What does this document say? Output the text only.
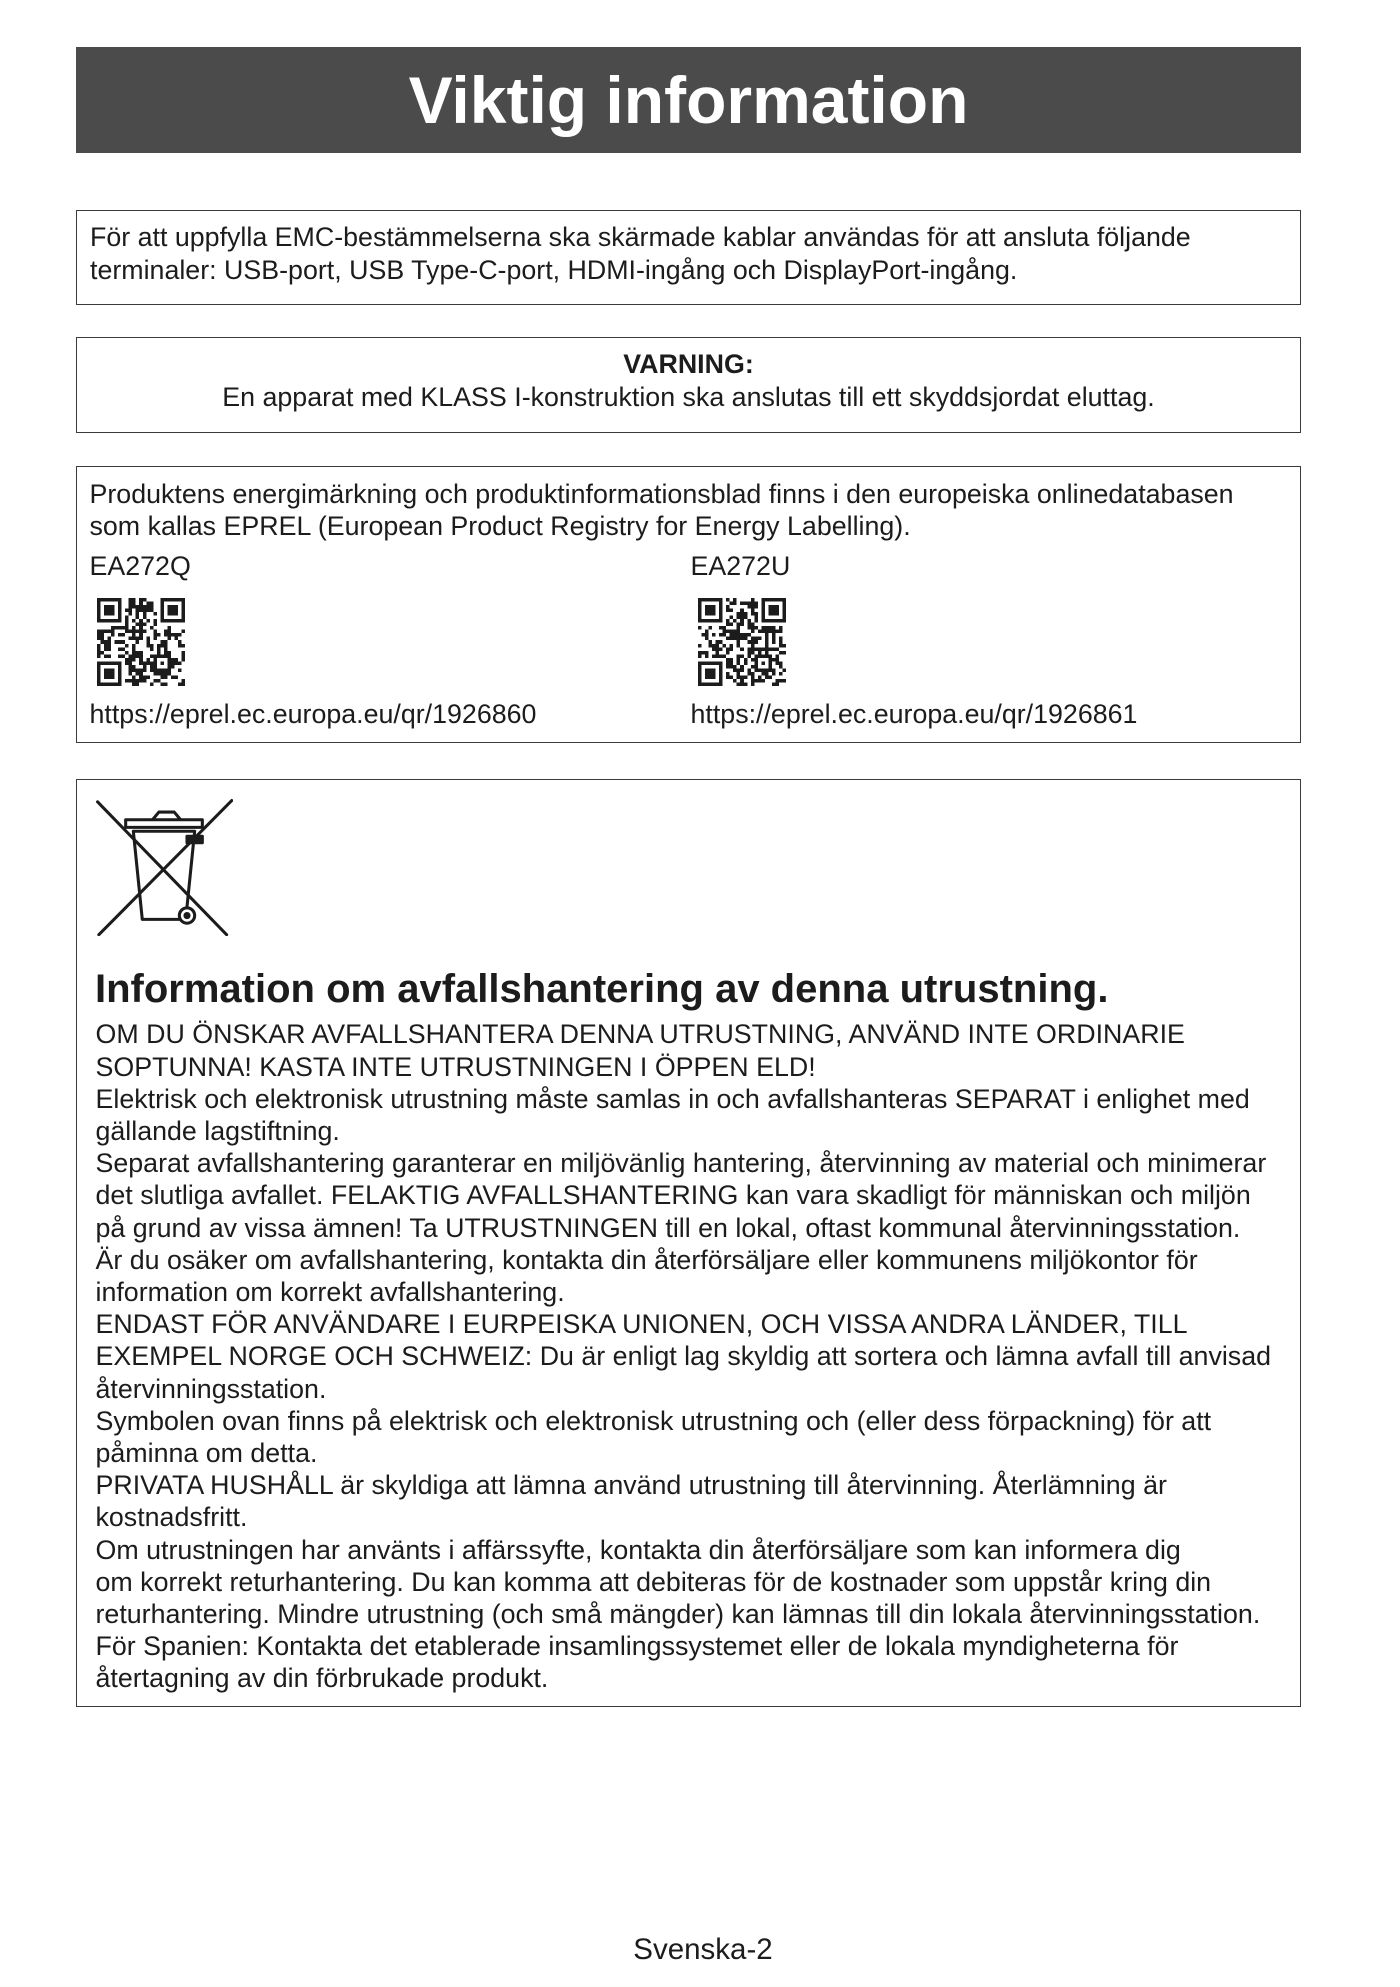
Viktig information

För att uppfylla EMC-bestämmelserna ska skärmade kablar användas för att ansluta följande
terminaler: USB-port, USB Type-C-port, HDMI-ingång och DisplayPort-ingång.

VARNING:

En apparat med KLASS I-konstruktion ska anslutas till ett skyddsjordat eluttag.

Produktens energimärkning och produktinformationsblad finns i den europeiska onlinedatabasen
som kallas EPREL (European Product Registry for Energy Labelling).

EA272Q
https://eprel.ec.europa.eu/qr/1926860
EA272U
https://eprel.ec.europa.eu/qr/1926861
Information om avfallshantering av denna utrustning.

OM DU ÖNSKAR AVFALLSHANTERA DENNA UTRUSTNING, ANVÄND INTE ORDINARIE
SOPTUNNA! KASTA INTE UTRUSTNINGEN I ÖPPEN ELD!

Elektrisk och elektronisk utrustning måste samlas in och avfallshanteras SEPARAT i enlighet med
gällande lagstiftning.

Separat avfallshantering garanterar en miljövänlig hantering, återvinning av material och minimerar
det slutliga avfallet. FELAKTIG AVFALLSHANTERING kan vara skadligt för människan och miljön
på grund av vissa ämnen! Ta UTRUSTNINGEN till en lokal, oftast kommunal återvinningsstation.

Är du osäker om avfallshantering, kontakta din återförsäljare eller kommunens miljökontor för
information om korrekt avfallshantering.

ENDAST FÖR ANVÄNDARE I EURPEISKA UNIONEN, OCH VISSA ANDRA LÄNDER, TILL
EXEMPEL NORGE OCH SCHWEIZ: Du är enligt lag skyldig att sortera och lämna avfall till anvisad
återvinningsstation.

Symbolen ovan finns på elektrisk och elektronisk utrustning och (eller dess förpackning) för att
påminna om detta.

PRIVATA HUSHÅLL är skyldiga att lämna använd utrustning till återvinning. Återlämning är
kostnadsfritt.

Om utrustningen har använts i affärssyfte, kontakta din återförsäljare som kan informera dig
om korrekt returhantering. Du kan komma att debiteras för de kostnader som uppstår kring din
returhantering. Mindre utrustning (och små mängder) kan lämnas till din lokala återvinningsstation.

För Spanien: Kontakta det etablerade insamlingssystemet eller de lokala myndigheterna för
återtagning av din förbrukade produkt.

Svenska-2
